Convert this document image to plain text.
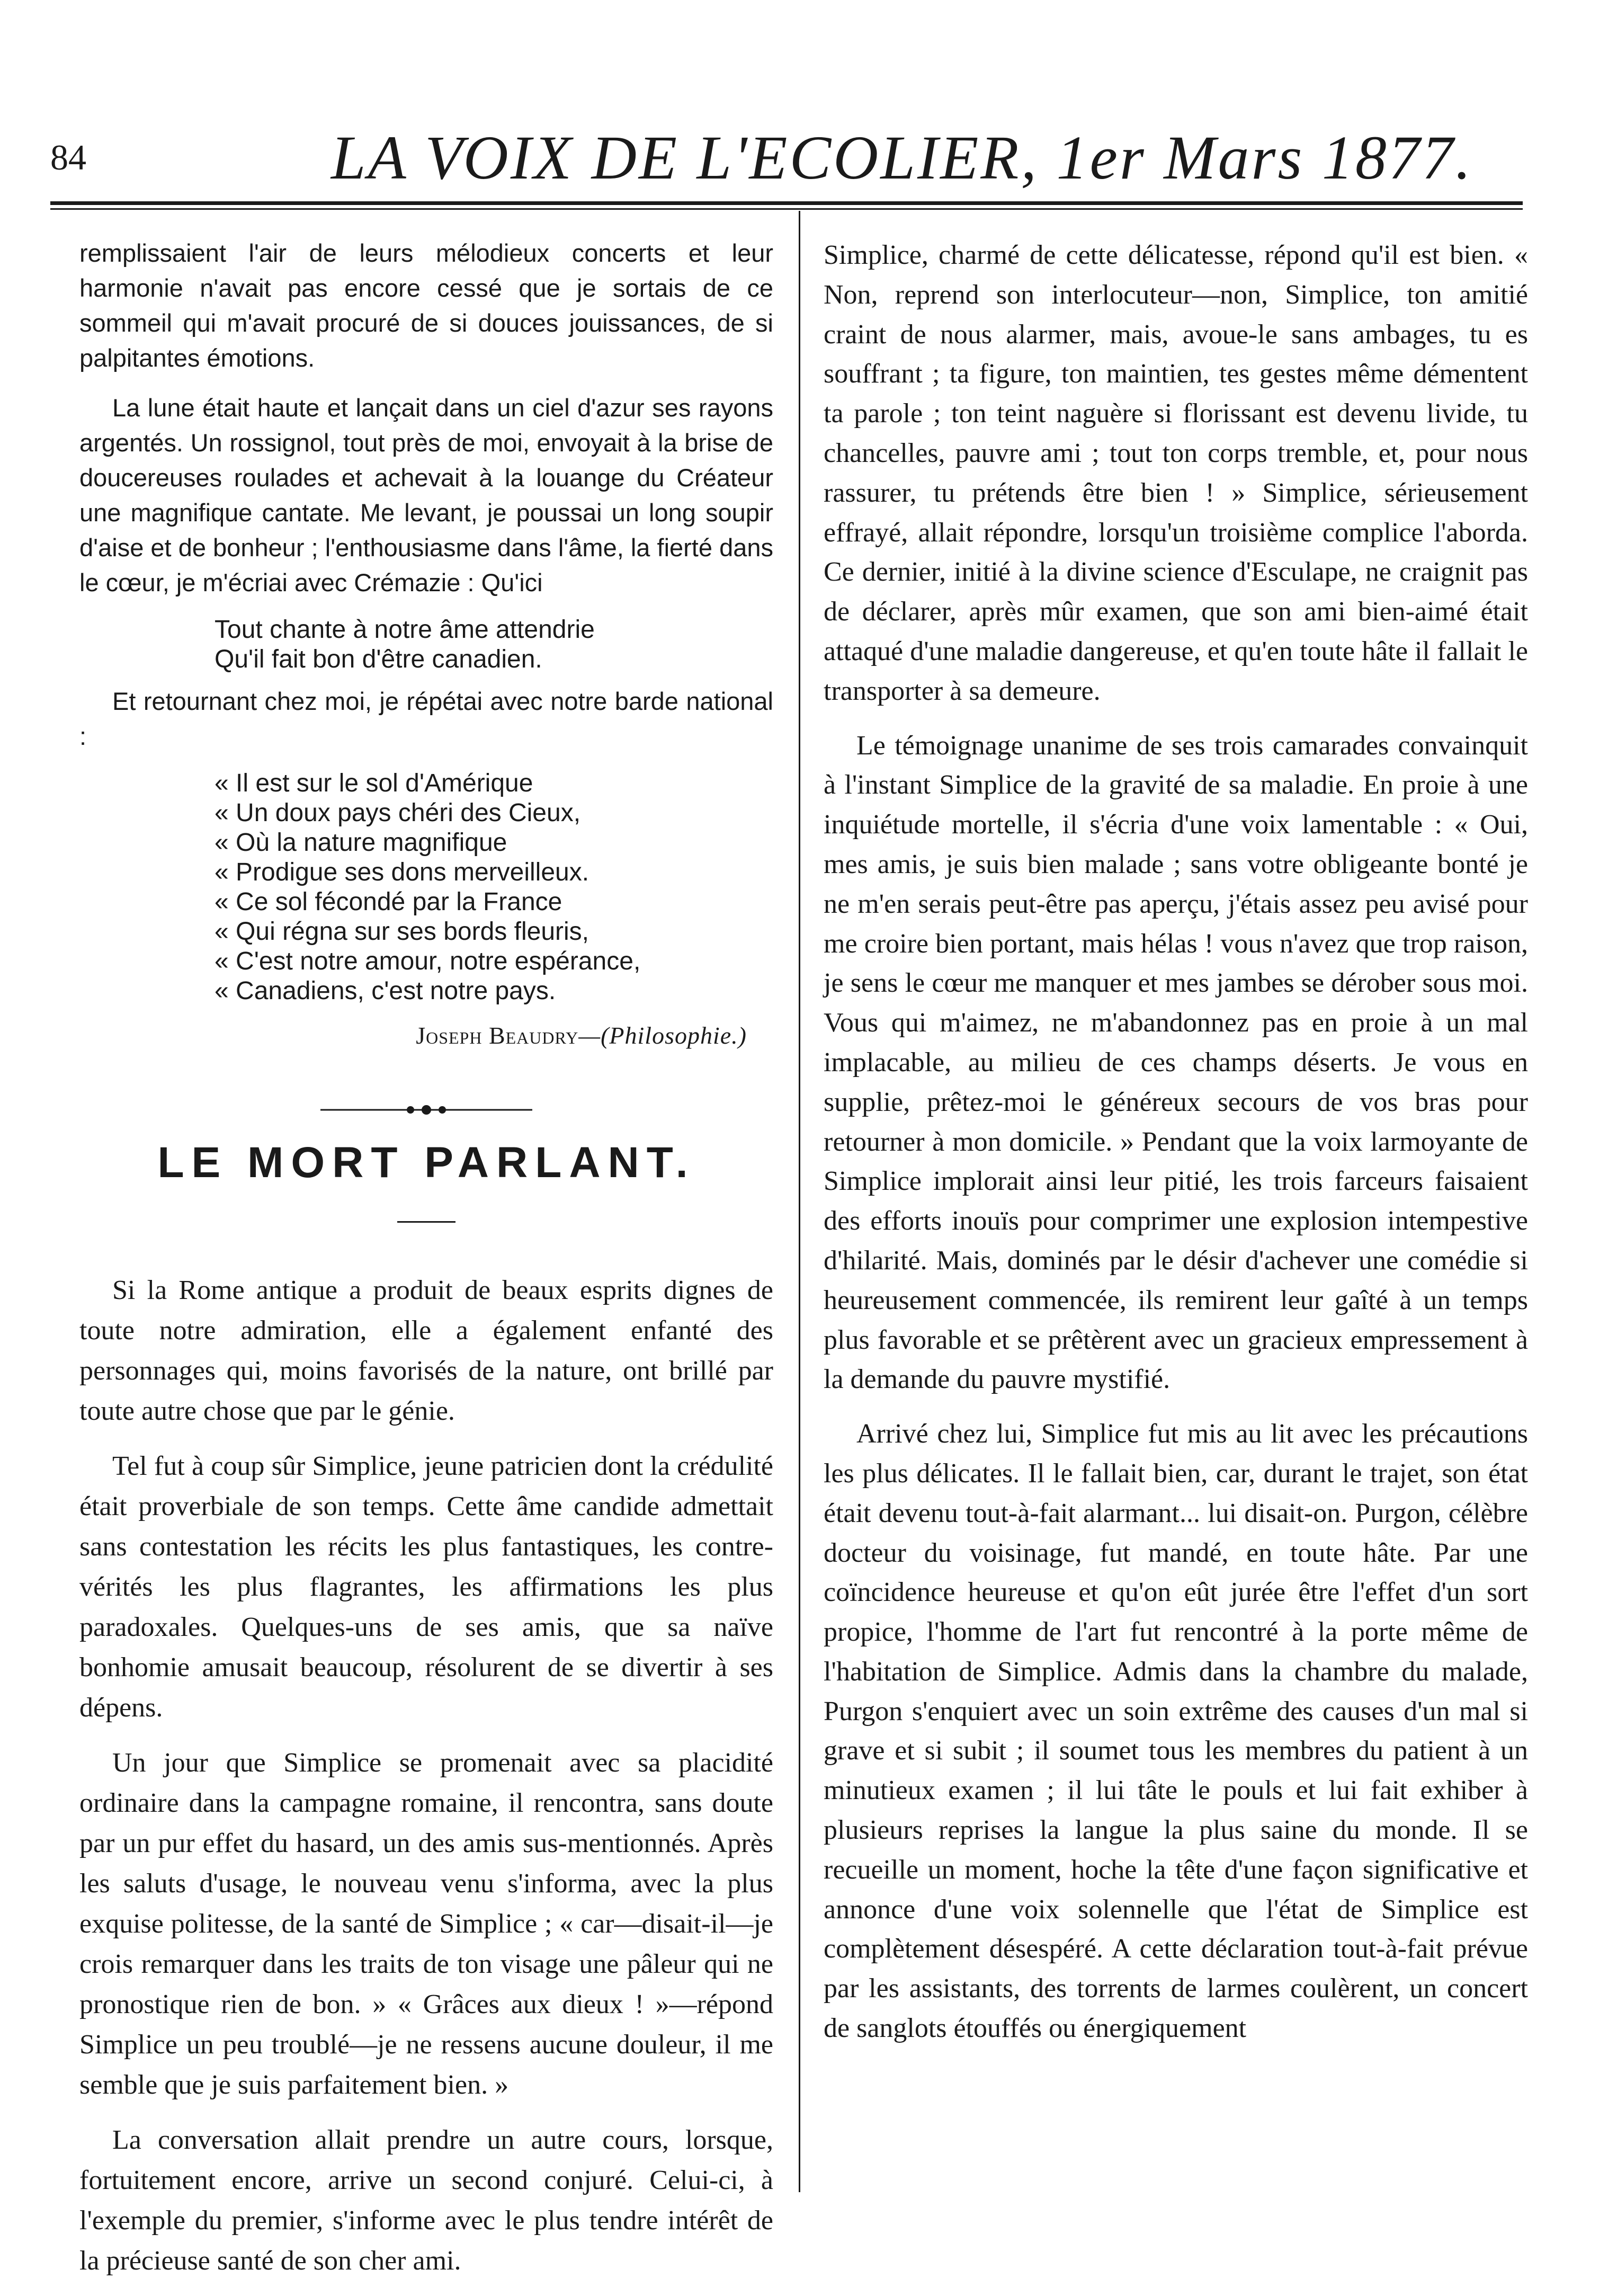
84	LA VOIX DE L'ECOLIER, 1er Mars 1877.

remplissaient l'air de leurs mélodieux concerts et leur harmonie n'avait pas encore cessé que je sortais de ce sommeil qui m'avait procuré de si douces jouissances, de si palpitantes émotions.

La lune était haute et lançait dans un ciel d'azur ses rayons argentés. Un rossignol, tout près de moi, envoyait à la brise de doucereuses roulades et achevait à la louange du Créateur une magnifique cantate. Me levant, je poussai un long soupir d'aise et de bonheur ; l'enthousiasme dans l'âme, la fierté dans le cœur, je m'écriai avec Crémazie : Qu'ici

Tout chante à notre âme attendrie
Qu'il fait bon d'être canadien.

Et retournant chez moi, je répétai avec notre barde national :

« Il est sur le sol d'Amérique
« Un doux pays chéri des Cieux,
« Où la nature magnifique
« Prodigue ses dons merveilleux.
« Ce sol fécondé par la France
« Qui régna sur ses bords fleuris,
« C'est notre amour, notre espérance,
« Canadiens, c'est notre pays.
Joseph Beaudry—(Philosophie.)
LE MORT PARLANT.

Si la Rome antique a produit de beaux esprits dignes de toute notre admiration, elle a également enfanté des personnages qui, moins favorisés de la nature, ont brillé par toute autre chose que par le génie.

Tel fut à coup sûr Simplice, jeune patricien dont la crédulité était proverbiale de son temps. Cette âme candide admettait sans contestation les récits les plus fantastiques, les contre-vérités les plus flagrantes, les affirmations les plus paradoxales. Quelques-uns de ses amis, que sa naïve bonhomie amusait beaucoup, résolurent de se divertir à ses dépens.

Un jour que Simplice se promenait avec sa placidité ordinaire dans la campagne romaine, il rencontra, sans doute par un pur effet du hasard, un des amis sus-mentionnés. Après les saluts d'usage, le nouveau venu s'informa, avec la plus exquise politesse, de la santé de Simplice ; « car—disait-il—je crois remarquer dans les traits de ton visage une pâleur qui ne pronostique rien de bon. » « Grâces aux dieux ! »—répond Simplice un peu troublé—je ne ressens aucune douleur, il me semble que je suis parfaitement bien. »

La conversation allait prendre un autre cours, lorsque, fortuitement encore, arrive un second conjuré. Celui-ci, à l'exemple du premier, s'informe avec le plus tendre intérêt de la précieuse santé de son cher ami.

Simplice, charmé de cette délicatesse, répond qu'il est bien. « Non, reprend son interlocuteur—non, Simplice, ton amitié craint de nous alarmer, mais, avoue-le sans ambages, tu es souffrant ; ta figure, ton maintien, tes gestes même démentent ta parole ; ton teint naguère si florissant est devenu livide, tu chancelles, pauvre ami ; tout ton corps tremble, et, pour nous rassurer, tu prétends être bien ! » Simplice, sérieusement effrayé, allait répondre, lorsqu'un troisième complice l'aborda. Ce dernier, initié à la divine science d'Esculape, ne craignit pas de déclarer, après mûr examen, que son ami bien-aimé était attaqué d'une maladie dangereuse, et qu'en toute hâte il fallait le transporter à sa demeure.

Le témoignage unanime de ses trois camarades convainquit à l'instant Simplice de la gravité de sa maladie. En proie à une inquiétude mortelle, il s'écria d'une voix lamentable : « Oui, mes amis, je suis bien malade ; sans votre obligeante bonté je ne m'en serais peut-être pas aperçu, j'étais assez peu avisé pour me croire bien portant, mais hélas ! vous n'avez que trop raison, je sens le cœur me manquer et mes jambes se dérober sous moi. Vous qui m'aimez, ne m'abandonnez pas en proie à un mal implacable, au milieu de ces champs déserts. Je vous en supplie, prêtez-moi le généreux secours de vos bras pour retourner à mon domicile. » Pendant que la voix larmoyante de Simplice implorait ainsi leur pitié, les trois farceurs faisaient des efforts inouïs pour comprimer une explosion intempestive d'hilarité. Mais, dominés par le désir d'achever une comédie si heureusement commencée, ils remirent leur gaîté à un temps plus favorable et se prêtèrent avec un gracieux empressement à la demande du pauvre mystifié.

Arrivé chez lui, Simplice fut mis au lit avec les précautions les plus délicates. Il le fallait bien, car, durant le trajet, son état était devenu tout-à-fait alarmant... lui disait-on. Purgon, célèbre docteur du voisinage, fut mandé, en toute hâte. Par une coïncidence heureuse et qu'on eût jurée être l'effet d'un sort propice, l'homme de l'art fut rencontré à la porte même de l'habitation de Simplice. Admis dans la chambre du malade, Purgon s'enquiert avec un soin extrême des causes d'un mal si grave et si subit ; il soumet tous les membres du patient à un minutieux examen ; il lui tâte le pouls et lui fait exhiber à plusieurs reprises la langue la plus saine du monde. Il se recueille un moment, hoche la tête d'une façon significative et annonce d'une voix solennelle que l'état de Simplice est complètement désespéré. A cette déclaration tout-à-fait prévue par les assistants, des torrents de larmes coulèrent, un concert de sanglots étouffés ou énergiquement
